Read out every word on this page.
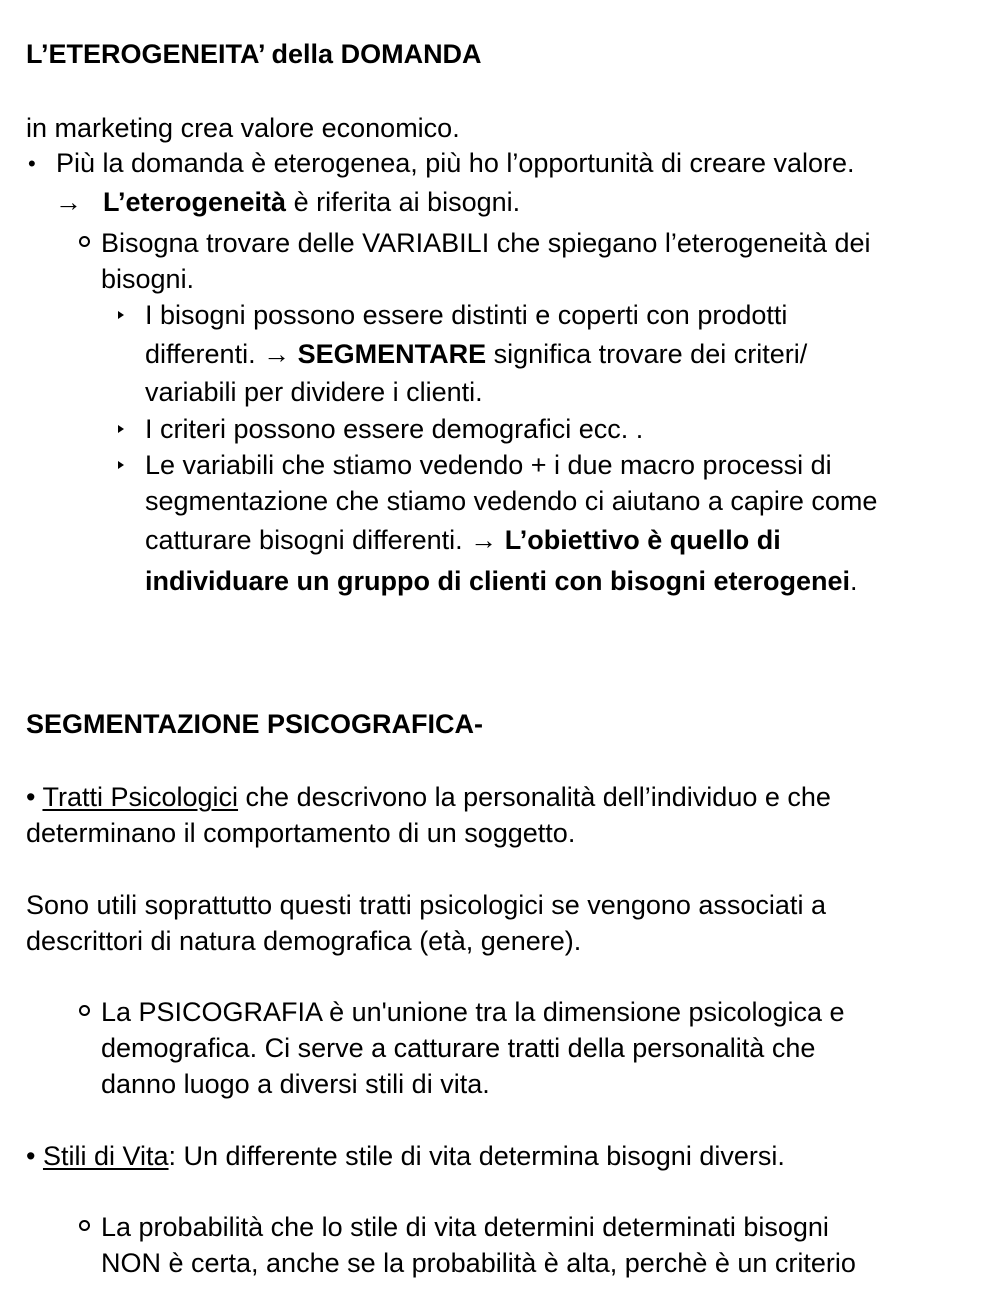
L’ETEROGENEITA’ della DOMANDA
in marketing crea valore economico.
• Più la domanda è eterogenea, più ho l’opportunità di creare valore.
→ L’eterogeneità è riferita ai bisogni.
Bisogna trovare delle VARIABILI che spiegano l’eterogeneità dei
bisogni.
I bisogni possono essere distinti e coperti con prodotti
differenti. → SEGMENTARE significa trovare dei criteri/
variabili per dividere i clienti.
I criteri possono essere demografici ecc. .
Le variabili che stiamo vedendo + i due macro processi di
segmentazione che stiamo vedendo ci aiutano a capire come
catturare bisogni differenti. → L’obiettivo è quello di
individuare un gruppo di clienti con bisogni eterogenei.
SEGMENTAZIONE PSICOGRAFICA-
• Tratti Psicologici che descrivono la personalità dell’individuo e che
determinano il comportamento di un soggetto.
Sono utili soprattutto questi tratti psicologici se vengono associati a
descrittori di natura demografica (età, genere).
La PSICOGRAFIA è un'unione tra la dimensione psicologica e
demografica. Ci serve a catturare tratti della personalità che
danno luogo a diversi stili di vita.
• Stili di Vita: Un differente stile di vita determina bisogni diversi.
La probabilità che lo stile di vita determini determinati bisogni
NON è certa, anche se la probabilità è alta, perchè è un criterio
